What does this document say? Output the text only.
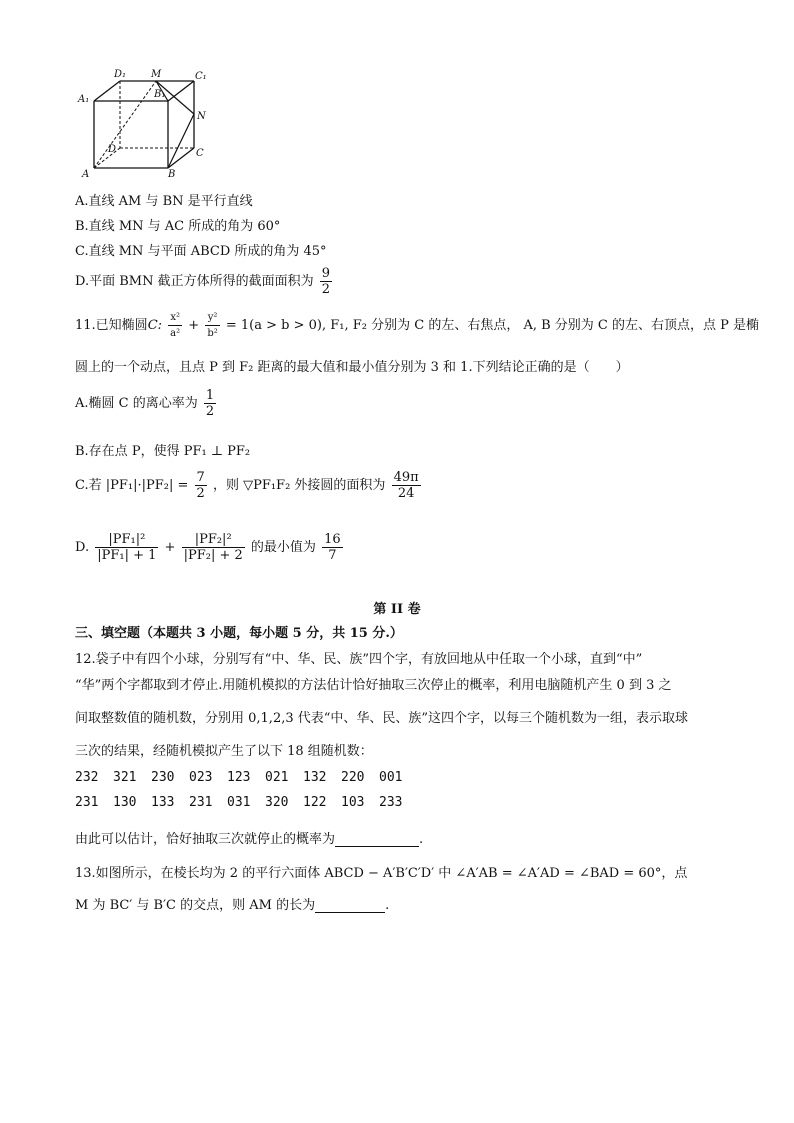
D₁ M	C₁
A₁	B₁
N
D	C
A	B
A.直线 AM 与 BN 是平行直线
B.直线 MN 与 AC 所成的角为 60°
C.直线 MN 与平面 ABCD 所成的角为 45°
D.平面 BMN 截正方体所得的截面面积为 $\frac{9}{2}$
11.已知椭圆C: $\frac{\text{x²}}{\text{a²}} + \frac{\text{y²}}{\text{b²}} = 1(a > b > 0)$, F₁, F₂ 分别为 C 的左、右焦点， A, B 分别为 C 的左、右顶点，点 P 是椭
圆上的一个动点，且点 P 到 F₂ 距离的最大值和最小值分别为 3 和 1.下列结论正确的是（　　）
A.椭圆 C 的离心率为 $\frac{1}{2}$
B.存在点 P，使得 PF₁ ⊥ PF₂
C.若 $|PF_1|\cdot|PF_2| = \frac{7}{2}$ ，则 ▽PF₁F₂ 外接圆的面积为 $\frac{49\pi}{24}$
D. $\frac{\text{|PF₁|²}}{\text{|PF₁| + 1}} + \frac{\text{|PF₂|²}}{\text{|PF₂| + 2}}$ 的最小值为 $\frac{16}{7}$
第 II 卷
三、填空题（本题共 3 小题，每小题 5 分，共 15 分.）
12.袋子中有四个小球，分别写有“中、华、民、族”四个字，有放回地从中任取一个小球，直到“中”
“华”两个字都取到才停止.用随机模拟的方法估计恰好抽取三次停止的概率，利用电脑随机产生 0 到 3 之
间取整数值的随机数，分别用 0,1,2,3 代表“中、华、民、族”这四个字，以每三个随机数为一组，表示取球
三次的结果，经随机模拟产生了以下 18 组随机数：
232 321 230 023 123 021 132 220 001
231 130 133 231 031 320 122 103 233
由此可以估计，恰好抽取三次就停止的概率为	.
13.如图所示，在棱长均为 2 的平行六面体 ABCD − A′B′C′D′ 中 ∠A′AB = ∠A′AD = ∠BAD = 60°，点
M 为 BC′ 与 B′C 的交点，则 AM 的长为	.
